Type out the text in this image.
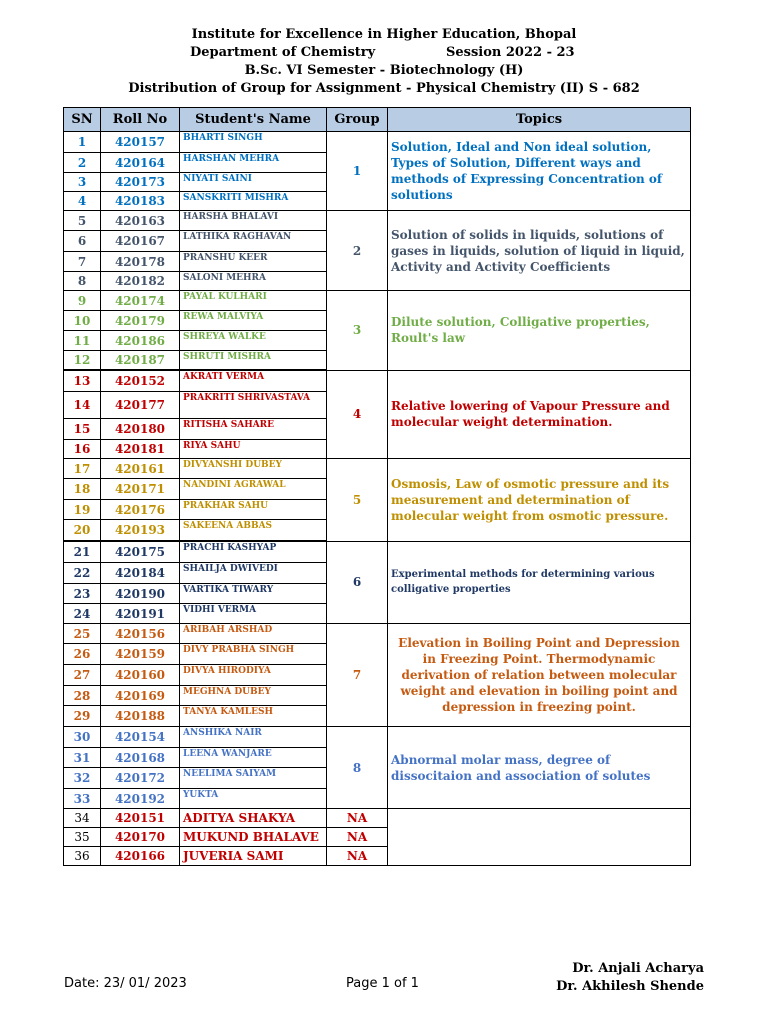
Institute for Excellence in Higher Education, Bhopal
Department of Chemistry	Session 2022 - 23
B.Sc. VI Semester - Biotechnology (H)
Distribution of Group for Assignment - Physical Chemistry (II) S - 682
SN	Roll No	Student's Name	Group	Topics
1	420157	BHARTI SINGH	1	Solution, Ideal and Non ideal solution, Types of Solution, Different ways and methods of Expressing Concentration of solutions
2	420164	HARSHAN MEHRA		
3	420173	NIYATI SAINI		
4	420183	SANSKRITI MISHRA		
5	420163	HARSHA BHALAVI	2	Solution of solids in liquids, solutions of gases in liquids, solution of liquid in liquid, Activity and Activity Coefficients
6	420167	LATHIKA RAGHAVAN		
7	420178	PRANSHU KEER		
8	420182	SALONI MEHRA		
9	420174	PAYAL KULHARI	3	Dilute solution, Colligative properties, Roult's law
10	420179	REWA MALVIYA		
11	420186	SHREYA WALKE		
12	420187	SHRUTI MISHRA		
13	420152	AKRATI VERMA	4	Relative lowering of Vapour Pressure and molecular weight determination.
14	420177	PRAKRITI SHRIVASTAVA		
15	420180	RITISHA SAHARE		
16	420181	RIYA SAHU		
17	420161	DIVYANSHI DUBEY	5	Osmosis, Law of osmotic pressure and its measurement and determination of molecular weight from osmotic pressure.
18	420171	NANDINI AGRAWAL		
19	420176	PRAKHAR SAHU		
20	420193	SAKEENA ABBAS		
21	420175	PRACHI KASHYAP	6	Experimental methods for determining various colligative properties
22	420184	SHAILJA DWIVEDI		
23	420190	VARTIKA TIWARY		
24	420191	VIDHI VERMA		
25	420156	ARIBAH ARSHAD	7	Elevation in Boiling Point and Depression in Freezing Point. Thermodynamic derivation of relation between molecular weight and elevation in boiling point and depression in freezing point.
26	420159	DIVY PRABHA SINGH		
27	420160	DIVYA HIRODIYA		
28	420169	MEGHNA DUBEY		
29	420188	TANYA KAMLESH		
30	420154	ANSHIKA NAIR	8	Abnormal molar mass, degree of dissocitaion and association of solutes
31	420168	LEENA WANJARE		
32	420172	NEELIMA SAIYAM		
33	420192	YUKTA		
34	420151	ADITYA SHAKYA	NA	
35	420170	MUKUND BHALAVE	NA	
36	420166	JUVERIA SAMI	NA	
Date: 23/ 01/ 2023	Page 1 of 1
Dr. Anjali Acharya
Dr. Akhilesh Shende
